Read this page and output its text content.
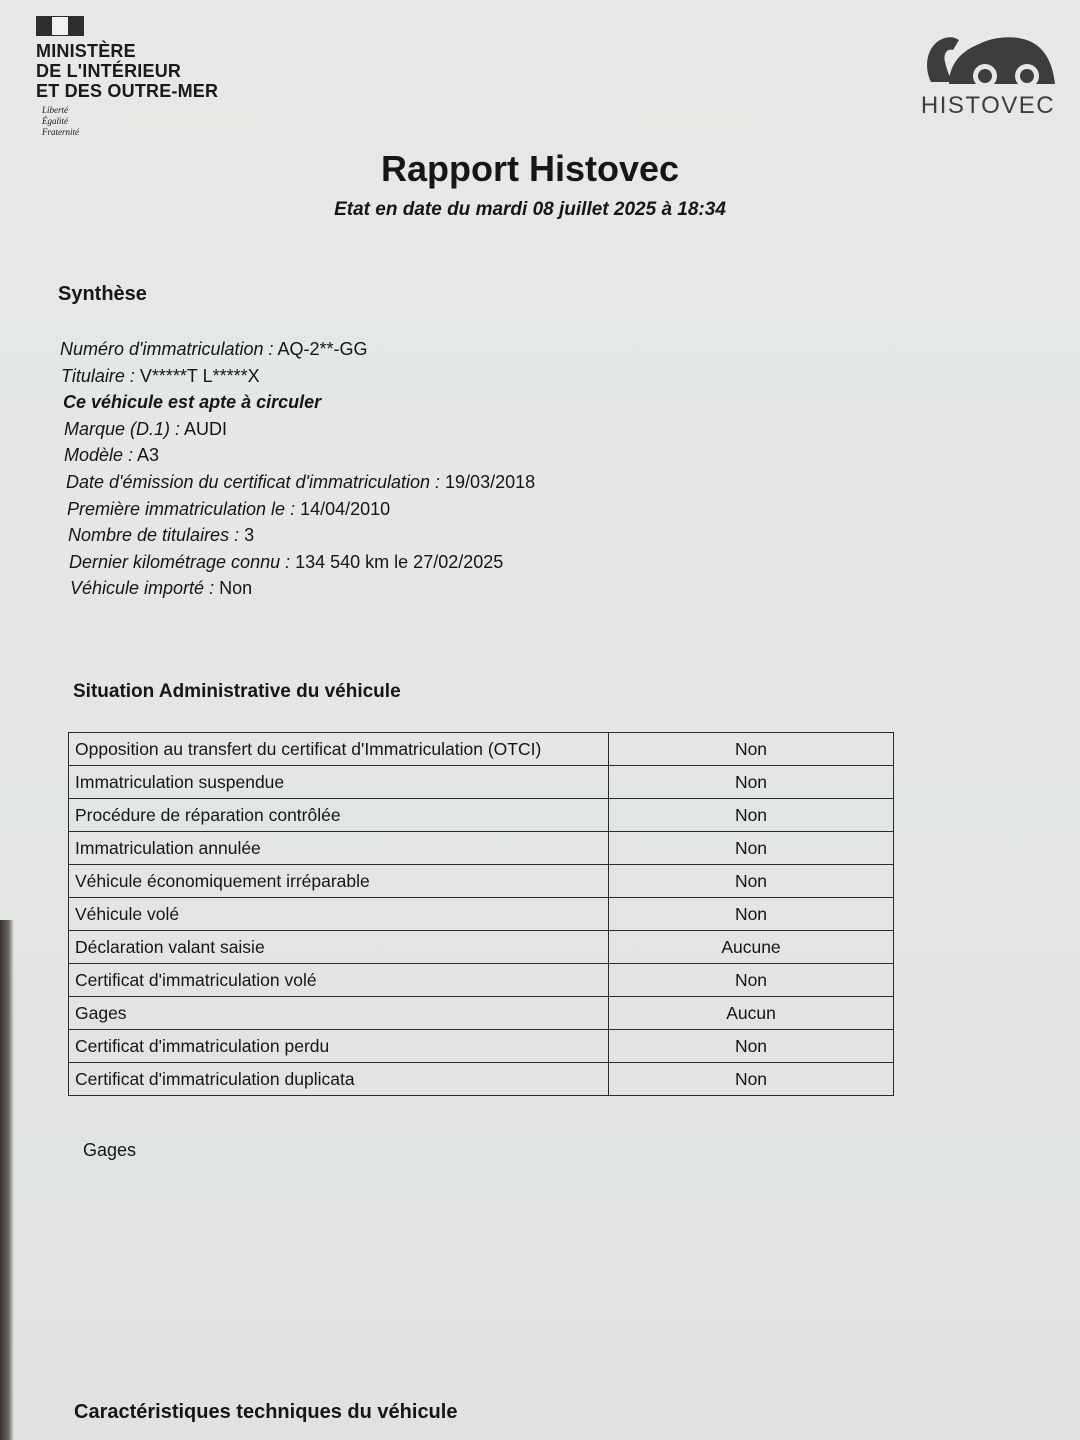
MINISTÈRE
DE L'INTÉRIEUR
ET DES OUTRE-MER
Liberté
Égalité
Fraternité
HISTOVEC
Rapport Histovec
Etat en date du mardi 08 juillet 2025 à 18:34
Synthèse
Numéro d'immatriculation : AQ-2**-GG
Titulaire : V*****T L*****X
Ce véhicule est apte à circuler
Marque (D.1) : AUDI
Modèle : A3
Date d'émission du certificat d'immatriculation : 19/03/2018
Première immatriculation le : 14/04/2010
Nombre de titulaires : 3
Dernier kilométrage connu : 134 540 km le 27/02/2025
Véhicule importé : Non
Situation Administrative du véhicule
Opposition au transfert du certificat d'Immatriculation (OTCI)	Non
Immatriculation suspendue	Non
Procédure de réparation contrôlée	Non
Immatriculation annulée	Non
Véhicule économiquement irréparable	Non
Véhicule volé	Non
Déclaration valant saisie	Aucune
Certificat d'immatriculation volé	Non
Gages	Aucun
Certificat d'immatriculation perdu	Non
Certificat d'immatriculation duplicata	Non
Gages
Caractéristiques techniques du véhicule
